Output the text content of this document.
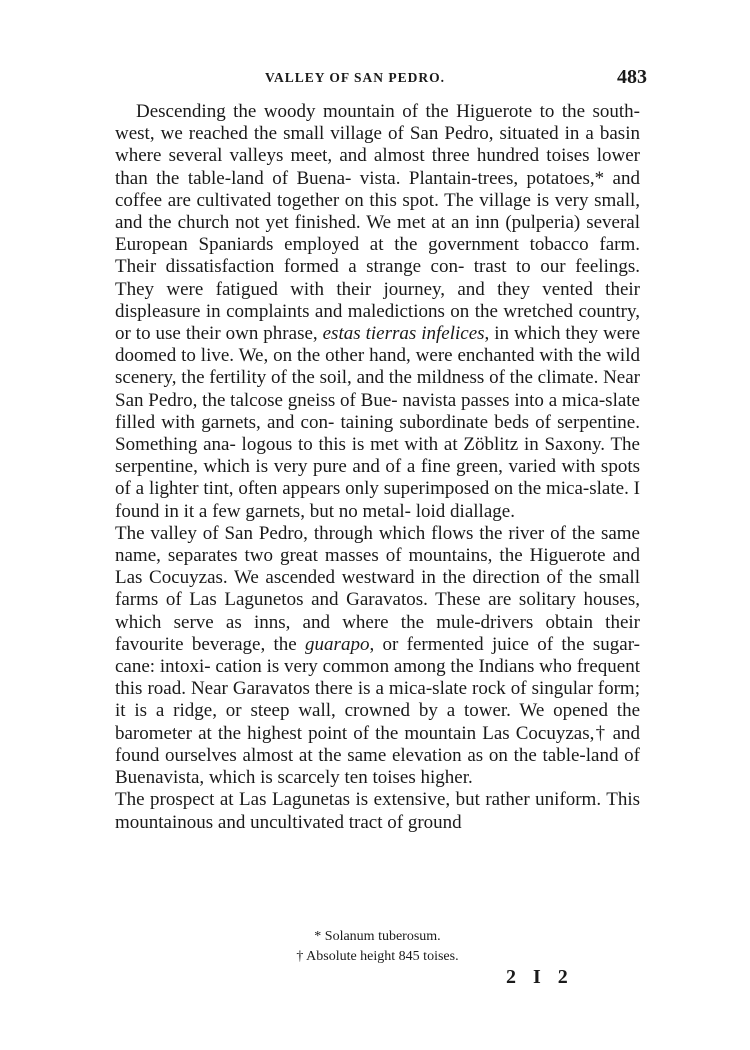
VALLEY OF SAN PEDRO.	483

Descending the woody mountain of the Higuerote to the south-west, we reached the small village of San Pedro, situated in a basin where several valleys meet, and almost three hundred toises lower than the table-land of Buena- vista. Plantain-trees, potatoes,* and coffee are cultivated together on this spot. The village is very small, and the church not yet finished. We met at an inn (pulperia) several European Spaniards employed at the government tobacco farm. Their dissatisfaction formed a strange con- trast to our feelings. They were fatigued with their journey, and they vented their displeasure in complaints and maledictions on the wretched country, or to use their own phrase, estas tierras infelices, in which they were doomed to live. We, on the other hand, were enchanted with the wild scenery, the fertility of the soil, and the mildness of the climate. Near San Pedro, the talcose gneiss of Bue- navista passes into a mica-slate filled with garnets, and con- taining subordinate beds of serpentine. Something ana- logous to this is met with at Zöblitz in Saxony. The serpentine, which is very pure and of a fine green, varied with spots of a lighter tint, often appears only superimposed on the mica-slate. I found in it a few garnets, but no metal- loid diallage.

The valley of San Pedro, through which flows the river of the same name, separates two great masses of mountains, the Higuerote and Las Cocuyzas. We ascended westward in the direction of the small farms of Las Lagunetos and Garavatos. These are solitary houses, which serve as inns, and where the mule-drivers obtain their favourite beverage, the guarapo, or fermented juice of the sugar-cane: intoxi- cation is very common among the Indians who frequent this road. Near Garavatos there is a mica-slate rock of singular form; it is a ridge, or steep wall, crowned by a tower. We opened the barometer at the highest point of the mountain Las Cocuyzas,† and found ourselves almost at the same elevation as on the table-land of Buenavista, which is scarcely ten toises higher.

The prospect at Las Lagunetas is extensive, but rather uniform. This mountainous and uncultivated tract of ground

* Solanum tuberosum.

† Absolute height 845 toises.

2 I 2
